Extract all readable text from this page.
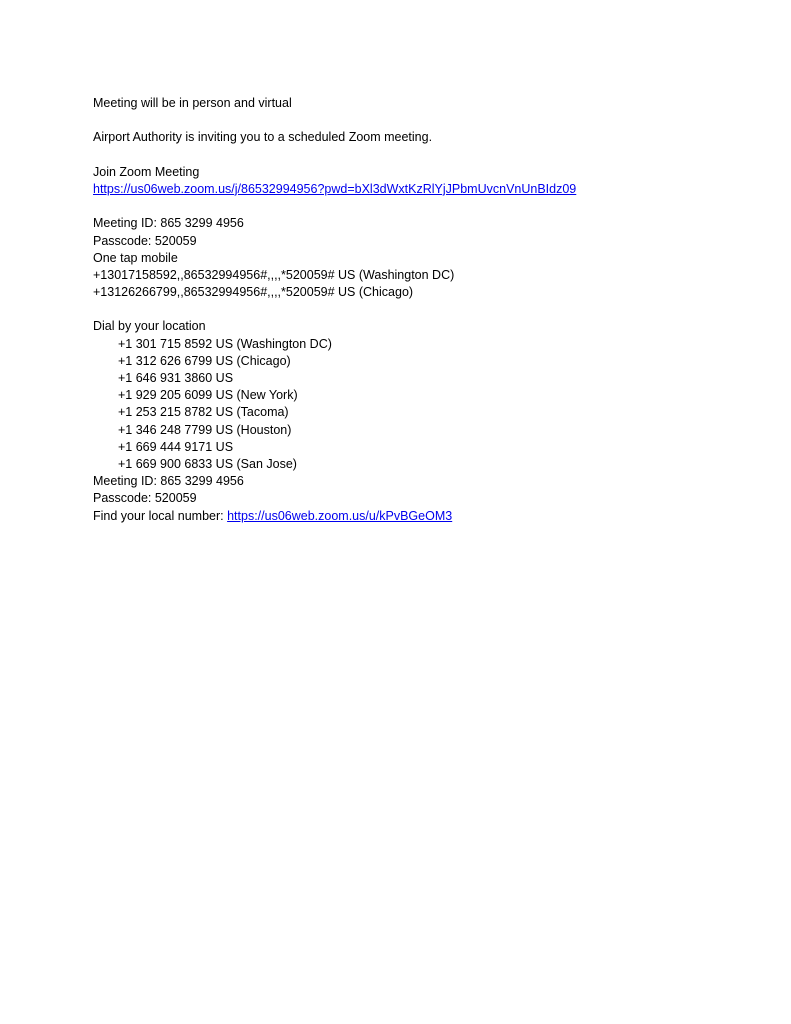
Meeting will be in person and virtual
Airport Authority is inviting you to a scheduled Zoom meeting.
Join Zoom Meeting
https://us06web.zoom.us/j/86532994956?pwd=bXl3dWxtKzRlYjJPbmUvcnVnUnBIdz09
Meeting ID: 865 3299 4956
Passcode: 520059
One tap mobile
+13017158592,,86532994956#,,,,*520059# US (Washington DC)
+13126266799,,86532994956#,,,,*520059# US (Chicago)
Dial by your location
+1 301 715 8592 US (Washington DC)
+1 312 626 6799 US (Chicago)
+1 646 931 3860 US
+1 929 205 6099 US (New York)
+1 253 215 8782 US (Tacoma)
+1 346 248 7799 US (Houston)
+1 669 444 9171 US
+1 669 900 6833 US (San Jose)
Meeting ID: 865 3299 4956
Passcode: 520059
Find your local number: https://us06web.zoom.us/u/kPvBGeOM3
